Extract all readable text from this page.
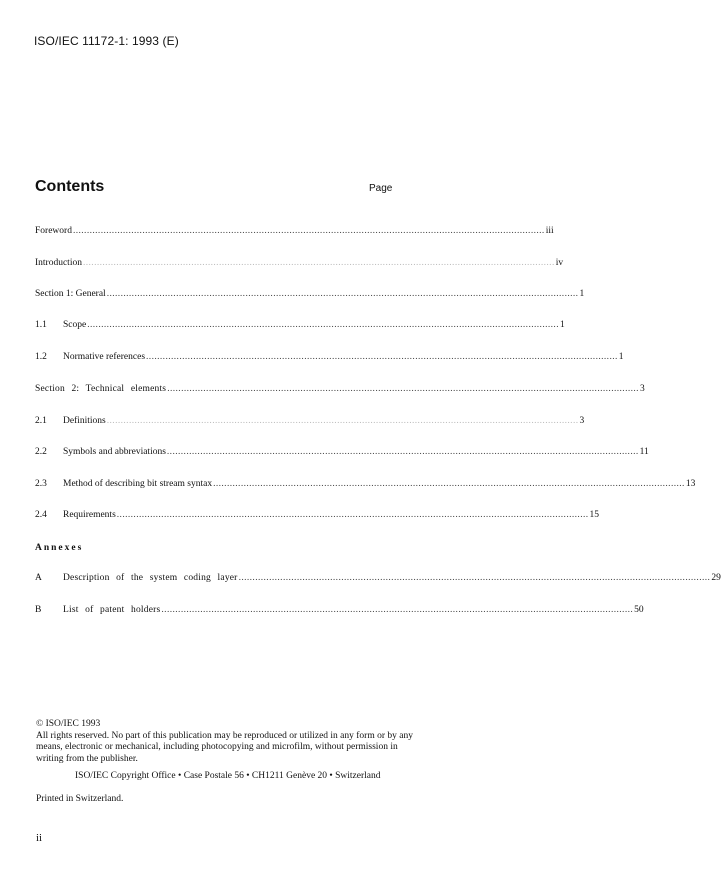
ISO/IEC 11172-1: 1993 (E)
Contents	Page
Foreword .......................................................................................................................................................................... iii
Introduction .......................................................................................................................................................................... iv
Section 1: General .......................................................................................................................................................................... 1
1.1	Scope .......................................................................................................................................................................... 1
1.2	Normative references .......................................................................................................................................................................... 1
Section 2: Technical elements .......................................................................................................................................................................... 3
2.1	Definitions .......................................................................................................................................................................... 3
2.2	Symbols and abbreviations .......................................................................................................................................................................... 11
2.3	Method of describing bit stream syntax .......................................................................................................................................................................... 13
2.4	Requirements .......................................................................................................................................................................... 15
A	Description of the system coding layer .......................................................................................................................................................................... 29
B	List of patent holders .......................................................................................................................................................................... 50
Annexes

© ISO/IEC 1993

All rights reserved. No part of this publication may be reproduced or utilized in any form or by any means, electronic or mechanical, including photocopying and microfilm, without permission in writing from the publisher.

ISO/IEC Copyright Office • Case Postale 56 • CH1211 Genève 20 • Switzerland
Printed in Switzerland.
ii
